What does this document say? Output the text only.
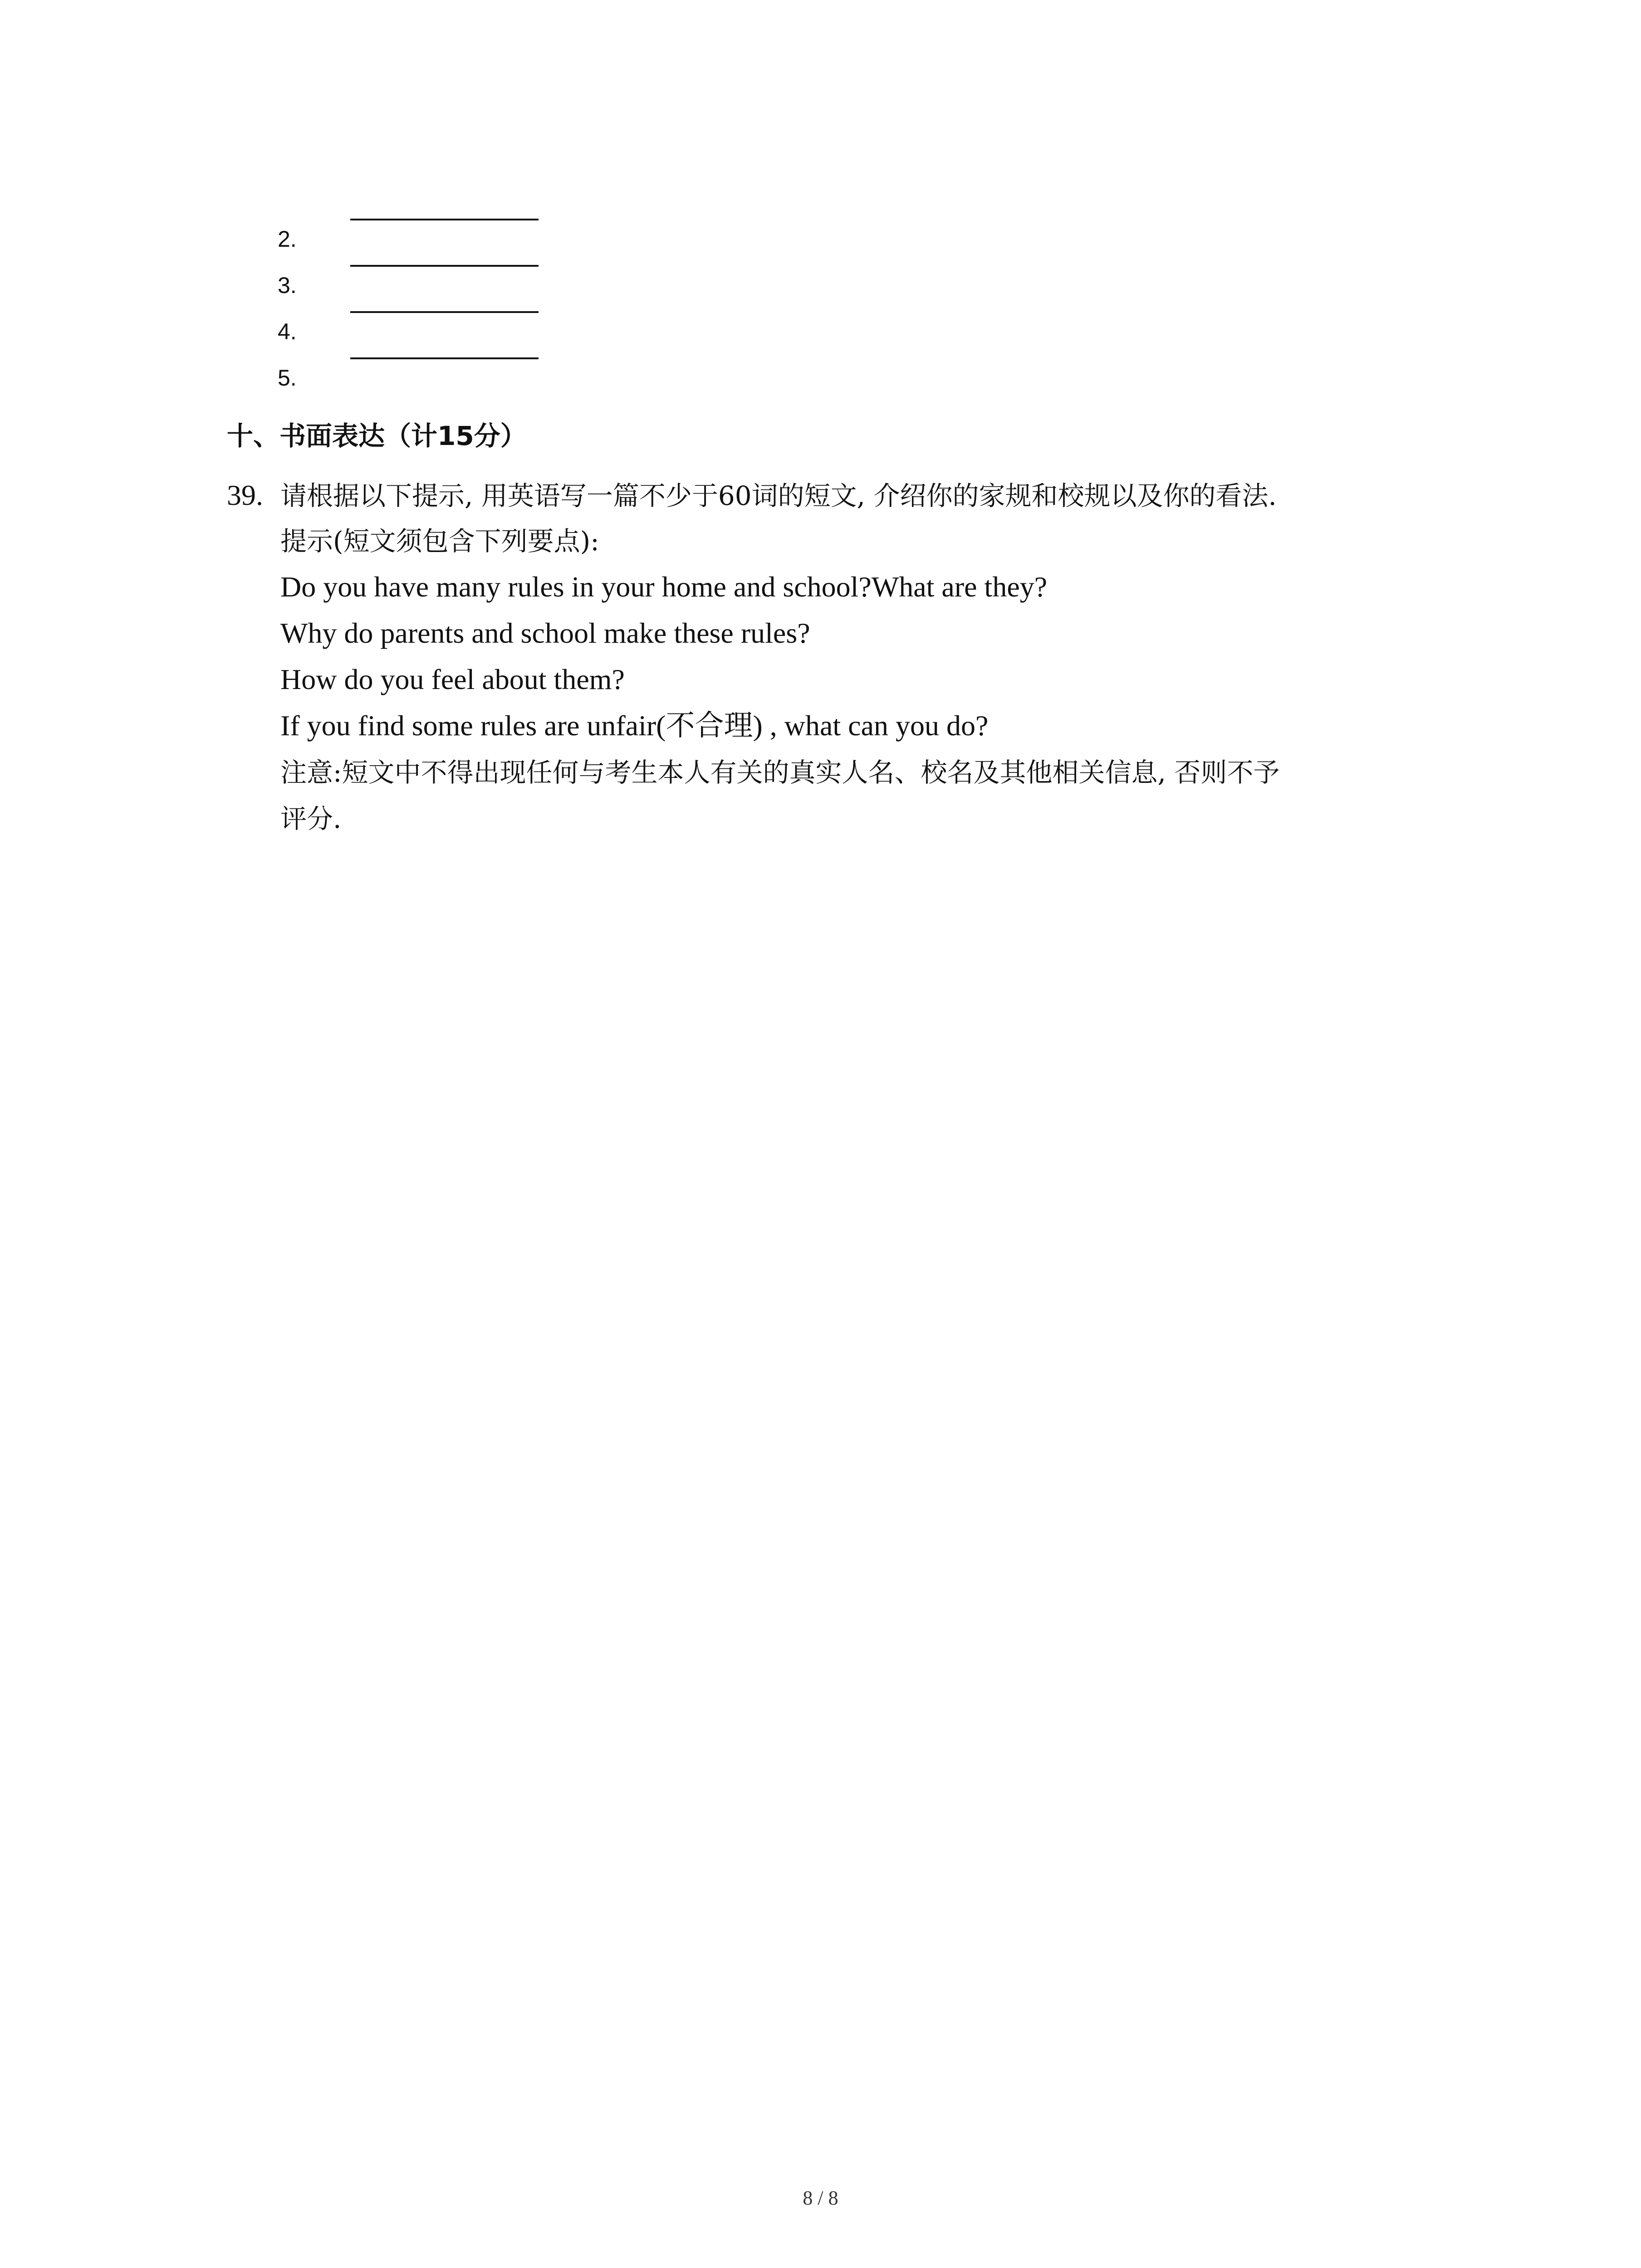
2.
3.
4.
5.
十、书面表达（计15分）
39. 请根据以下提示, 用英语写一篇不少于60词的短文, 介绍你的家规和校规以及你的看法.
提示(短文须包含下列要点):
Do you have many rules in your home and school?What are they?
Why do parents and school make these rules?
How do you feel about them?
If you find some rules are unfair(不合理) , what can you do?
注意:短文中不得出现任何与考生本人有关的真实人名、校名及其他相关信息, 否则不予
评分.
8 / 8
